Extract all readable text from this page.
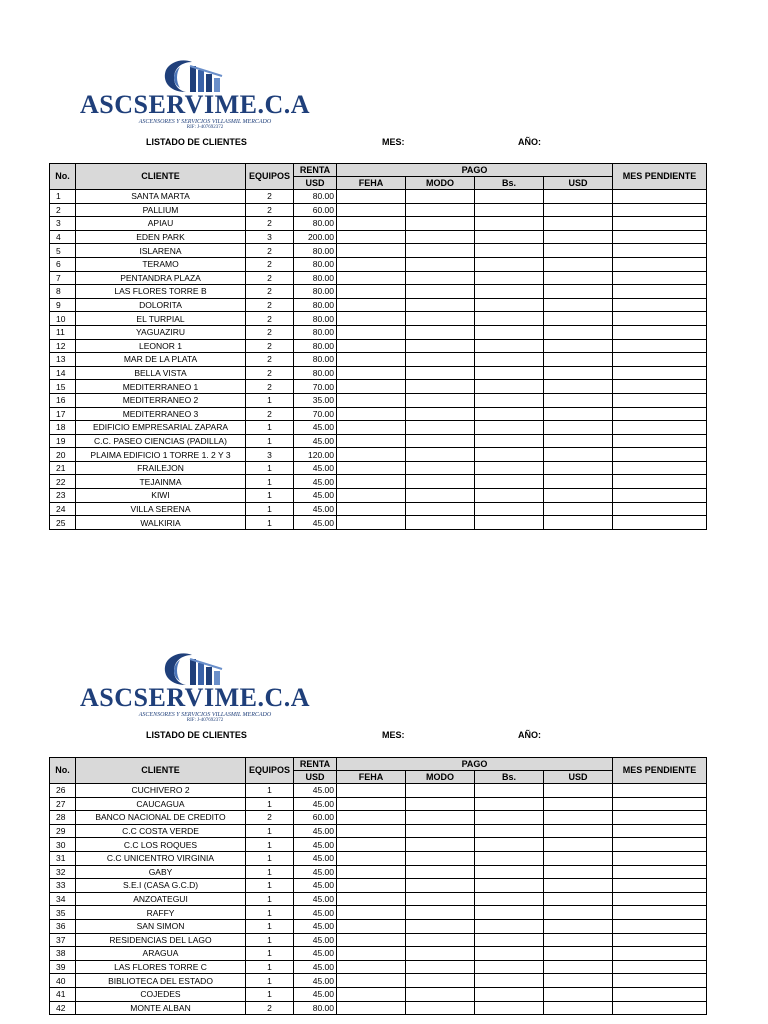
ASCSERVIME.C.A
ASCENSORES Y SERVICIOS VILLASMIL MERCADO
RIF: J-407692372
LISTADO DE CLIENTES	MES:	AÑO:
No.	CLIENTE	EQUIPOS	RENTA	PAGO				MES PENDIENTE
			USD	FEHA	MODO	Bs.	USD	
1	SANTA MARTA	2	80.00					
2	PALLIUM	2	60.00					
3	APIAU	2	80.00					
4	EDEN PARK	3	200.00					
5	ISLARENA	2	80.00					
6	TERAMO	2	80.00					
7	PENTANDRA PLAZA	2	80.00					
8	LAS FLORES TORRE B	2	80.00					
9	DOLORITA	2	80.00					
10	EL TURPIAL	2	80.00					
11	YAGUAZIRU	2	80.00					
12	LEONOR 1	2	80.00					
13	MAR DE LA PLATA	2	80.00					
14	BELLA VISTA	2	80.00					
15	MEDITERRANEO 1	2	70.00					
16	MEDITERRANEO 2	1	35.00					
17	MEDITERRANEO 3	2	70.00					
18	EDIFICIO EMPRESARIAL ZAPARA	1	45.00					
19	C.C. PASEO CIENCIAS (PADILLA)	1	45.00					
20	PLAIMA EDIFICIO 1 TORRE 1. 2 Y 3	3	120.00					
21	FRAILEJON	1	45.00					
22	TEJAINMA	1	45.00					
23	KIWI	1	45.00					
24	VILLA SERENA	1	45.00					
25	WALKIRIA	1	45.00					
ASCSERVIME.C.A
ASCENSORES Y SERVICIOS VILLASMIL MERCADO
RIF: J-407692372
LISTADO DE CLIENTES	MES:	AÑO:
No.	CLIENTE	EQUIPOS	RENTA	PAGO				MES PENDIENTE
			USD	FEHA	MODO	Bs.	USD	
26	CUCHIVERO 2	1	45.00					
27	CAUCAGUA	1	45.00					
28	BANCO NACIONAL DE CREDITO	2	60.00					
29	C.C COSTA VERDE	1	45.00					
30	C.C LOS ROQUES	1	45.00					
31	C.C UNICENTRO VIRGINIA	1	45.00					
32	GABY	1	45.00					
33	S.E.I (CASA G.C.D)	1	45.00					
34	ANZOATEGUI	1	45.00					
35	RAFFY	1	45.00					
36	SAN SIMON	1	45.00					
37	RESIDENCIAS DEL LAGO	1	45.00					
38	ARAGUA	1	45.00					
39	LAS FLORES TORRE C	1	45.00					
40	BIBLIOTECA DEL ESTADO	1	45.00					
41	COJEDES	1	45.00					
42	MONTE ALBAN	2	80.00					
